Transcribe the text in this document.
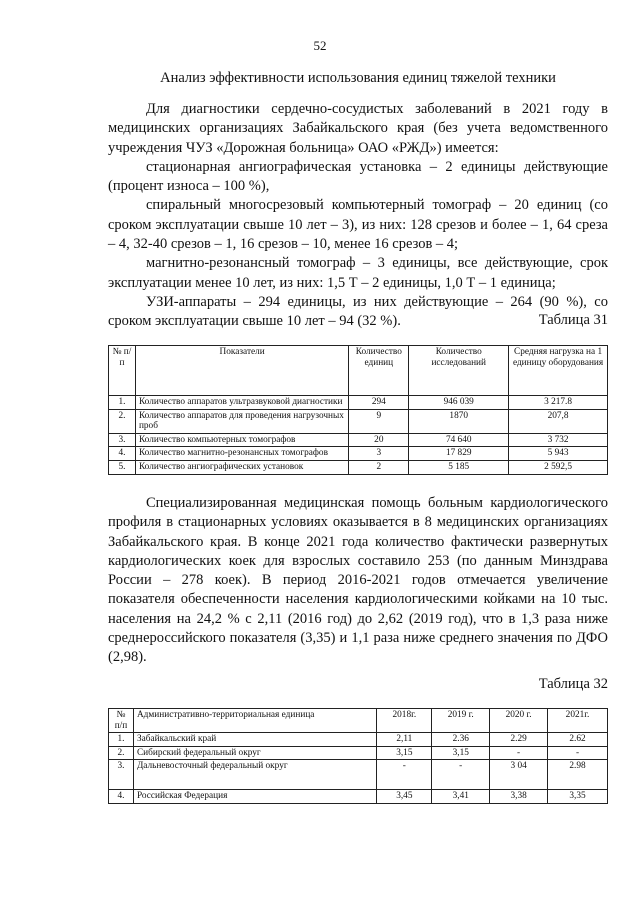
52
Анализ эффективности использования единиц тяжелой техники

Для диагностики сердечно-сосудистых заболеваний в 2021 году в медицинских организациях Забайкальского края (без учета ведомственного учреждения ЧУЗ «Дорожная больница» ОАО «РЖД») имеется:

стационарная ангиографическая установка – 2 единицы действующие (процент износа – 100 %),

спиральный многосрезовый компьютерный томограф – 20 единиц (со сроком эксплуатации свыше 10 лет – 3), из них: 128 срезов и более – 1, 64 среза – 4, 32-40 срезов – 1, 16 срезов – 10, менее 16 срезов – 4;

магнитно-резонансный томограф – 3 единицы, все действующие, срок эксплуатации менее 10 лет, из них: 1,5 Т – 2 единицы, 1,0 Т – 1 единица;

УЗИ-аппараты – 294 единицы, из них действующие – 264 (90 %), со сроком эксплуатации свыше 10 лет – 94 (32 %).	Таблица 31
№ п/п	Показатели	Количество единиц	Количество исследований	Средняя нагрузка на 1 единицу оборудования
1.	Количество аппаратов ультразвуковой диагностики	294	946 039	3 217.8
2.	Количество аппаратов для проведения нагрузочных проб	9	1870	207,8
3.	Количество компьютерных томографов	20	74 640	3 732
4.	Количество магнитно-резонансных томографов	3	17 829	5 943
5.	Количество ангиографических установок	2	5 185	2 592,5

Специализированная медицинская помощь больным кардиологического профиля в стационарных условиях оказывается в 8 медицинских организациях Забайкальского края. В конце 2021 года количество фактически развернутых кардиологических коек для взрослых составило 253 (по данным Минздрава России – 278 коек). В период 2016-2021 годов отмечается увеличение показателя обеспеченности населения кардиологическими койками на 10 тыс. населения на 24,2 % с 2,11 (2016 год) до 2,62 (2019 год), что в 1,3 раза ниже среднероссийского показателя (3,35) и 1,1 раза ниже среднего значения по ДФО (2,98).

Таблица 32
№ п/п	Административно-территориальная единица	2018г.	2019 г.	2020 г.	2021г.
1.	Забайкальский край	2,11	2.36	2.29	2.62
2.	Сибирский федеральный округ	3,15	3,15	-	-
3.	Дальневосточный федеральный округ	-	-	3 04	2.98
4.	Российская Федерация	3,45	3,41	3,38	3,35
